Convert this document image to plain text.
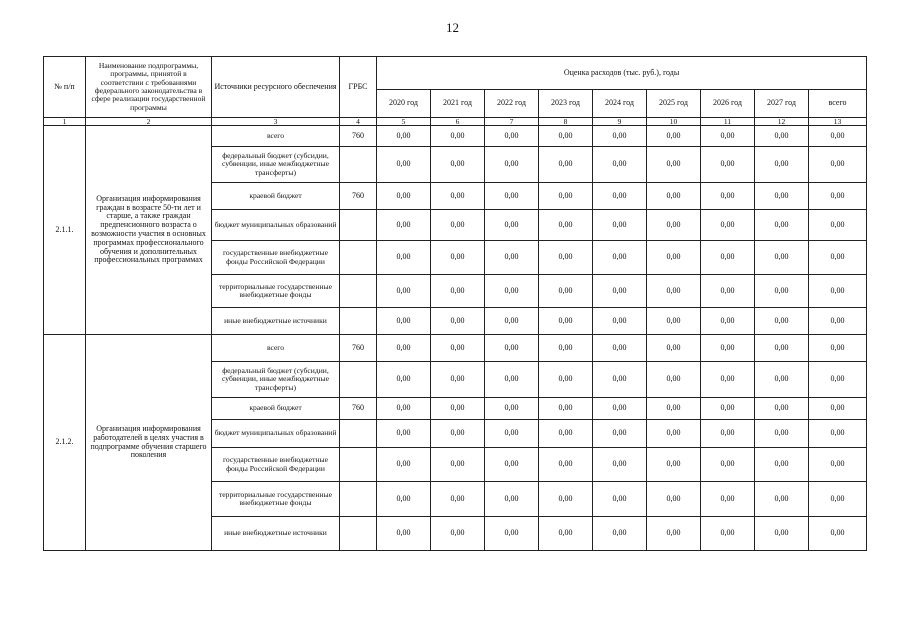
12
№ п/п	Наименование подпрограммы, программы, принятой в соответствии с требованиями федерального законодательства в сфере реализации государственной программы	Источники ресурсного обеспечения	ГРБС	Оценка расходов (тыс. руб.), годы								
				2020 год	2021 год	2022 год	2023 год	2024 год	2025 год	2026 год	2027 год	всего
1	2	3	4	5	6	7	8	9	10	11	12	13
2.1.1.	Организация информирования граждан в возрасте 50-ти лет и старше, а также граждан предпенсионного возраста о возможности участия в основных программах профессионального обучения и дополнительных профессиональных программах	всего	760	0,00	0,00	0,00	0,00	0,00	0,00	0,00	0,00	0,00
		федеральный бюджет (субсидии, субвенции, иные межбюджетные трансферты)		0,00	0,00	0,00	0,00	0,00	0,00	0,00	0,00	0,00
		краевой бюджет	760	0,00	0,00	0,00	0,00	0,00	0,00	0,00	0,00	0,00
		бюджет муниципальных образований		0,00	0,00	0,00	0,00	0,00	0,00	0,00	0,00	0,00
		государственные внебюджетные фонды Российской Федерации		0,00	0,00	0,00	0,00	0,00	0,00	0,00	0,00	0,00
		территориальные государственные внебюджетные фонды		0,00	0,00	0,00	0,00	0,00	0,00	0,00	0,00	0,00
		иные внебюджетные источники		0,00	0,00	0,00	0,00	0,00	0,00	0,00	0,00	0,00
2.1.2.	Организация информирования работодателей в целях участия в подпрограмме обучения старшего поколения	всего	760	0,00	0,00	0,00	0,00	0,00	0,00	0,00	0,00	0,00
		федеральный бюджет (субсидии, субвенции, иные межбюджетные трансферты)		0,00	0,00	0,00	0,00	0,00	0,00	0,00	0,00	0,00
		краевой бюджет	760	0,00	0,00	0,00	0,00	0,00	0,00	0,00	0,00	0,00
		бюджет муниципальных образований		0,00	0,00	0,00	0,00	0,00	0,00	0,00	0,00	0,00
		государственные внебюджетные фонды Российской Федерации		0,00	0,00	0,00	0,00	0,00	0,00	0,00	0,00	0,00
		территориальные государственные внебюджетные фонды		0,00	0,00	0,00	0,00	0,00	0,00	0,00	0,00	0,00
		иные внебюджетные источники		0,00	0,00	0,00	0,00	0,00	0,00	0,00	0,00	0,00
